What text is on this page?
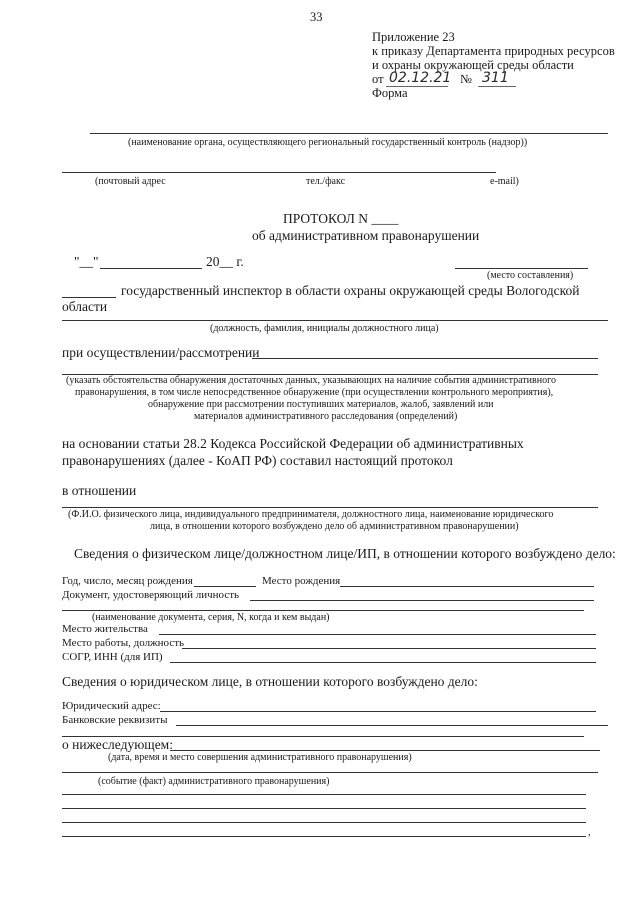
33
Приложение 23
к приказу Департамента природных ресурсов
и охраны окружающей среды области
от 02.12.21 № 311
Форма
(наименование органа, осуществляющего региональный государственный контроль (надзор))
(почтовый адрес	тел./факс	e-mail)
ПРОТОКОЛ N ____
об административном правонарушении
"__"	20__ г.
(место составления)
государственный инспектор в области охраны окружающей среды Вологодской
области
(должность, фамилия, инициалы должностного лица)
при осуществлении/рассмотрении
(указать обстоятельства обнаружения достаточных данных, указывающих на наличие события административного
правонарушения, в том числе непосредственное обнаружение (при осуществлении контрольного мероприятия),
обнаружение при рассмотрении поступивших материалов, жалоб, заявлений или
материалов административного расследования (определений)
на основании статьи 28.2 Кодекса Российской Федерации об административных
правонарушениях (далее - КоАП РФ) составил настоящий протокол
в отношении
(Ф.И.О. физического лица, индивидуального предпринимателя, должностного лица, наименование юридического
лица, в отношении которого возбуждено дело об административном правонарушении)
Сведения о физическом лице/должностном лице/ИП, в отношении которого возбуждено дело:
Год, число, месяц рождения	Место рождения
Документ, удостоверяющий личность
(наименование документа, серия, N, когда и кем выдан)
Место жительства
Место работы, должность
СОГР, ИНН (для ИП)
Сведения о юридическом лице, в отношении которого возбуждено дело:
Юридический адрес:
Банковские реквизиты
о нижеследующем:
(дата, время и место совершения административного правонарушения)
(событие (факт) административного правонарушения)
,
